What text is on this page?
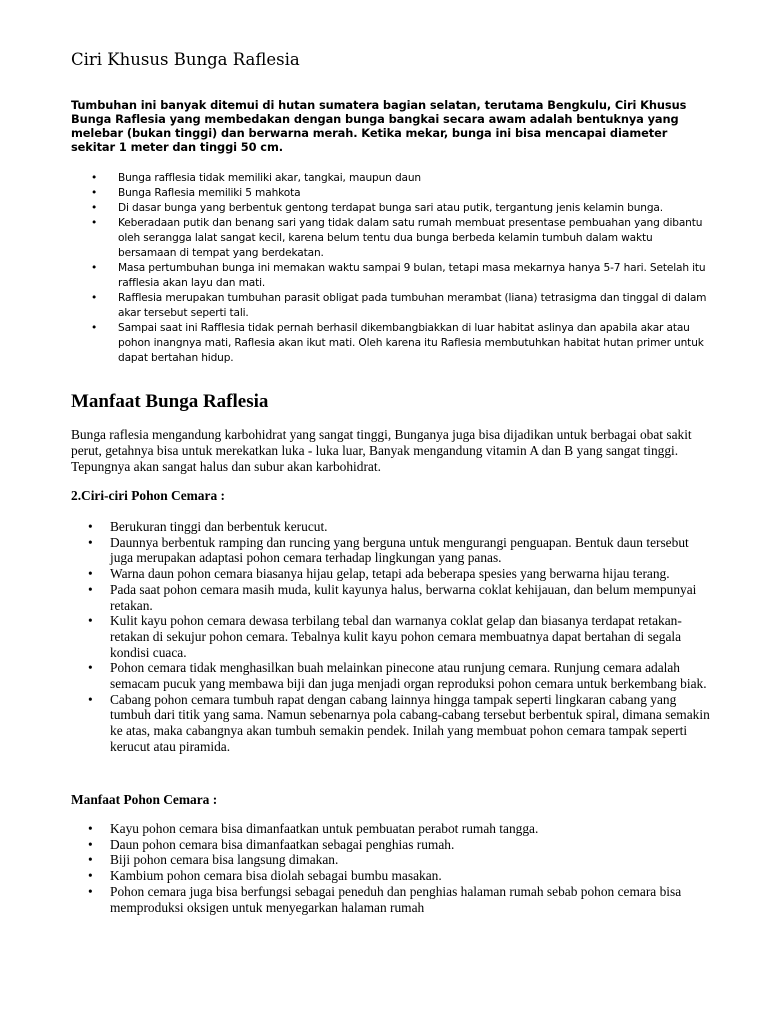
Ciri Khusus Bunga Raflesia

Tumbuhan ini banyak ditemui di hutan sumatera bagian selatan, terutama Bengkulu, Ciri Khusus Bunga Raflesia yang membedakan dengan bunga bangkai secara awam adalah bentuknya yang melebar (bukan tinggi) dan berwarna merah. Ketika mekar, bunga ini bisa mencapai diameter sekitar 1 meter dan tinggi 50 cm.

• Bunga rafflesia tidak memiliki akar, tangkai, maupun daun
• Bunga Raflesia memiliki 5 mahkota
• Di dasar bunga yang berbentuk gentong terdapat bunga sari atau putik, tergantung jenis kelamin bunga.
• Keberadaan putik dan benang sari yang tidak dalam satu rumah membuat presentase pembuahan yang dibantu oleh serangga lalat sangat kecil, karena belum tentu dua bunga berbeda kelamin tumbuh dalam waktu bersamaan di tempat yang berdekatan.
• Masa pertumbuhan bunga ini memakan waktu sampai 9 bulan, tetapi masa mekarnya hanya 5-7 hari. Setelah itu rafflesia akan layu dan mati.
• Rafflesia merupakan tumbuhan parasit obligat pada tumbuhan merambat (liana) tetrasigma dan tinggal di dalam akar tersebut seperti tali.
• Sampai saat ini Rafflesia tidak pernah berhasil dikembangbiakkan di luar habitat aslinya dan apabila akar atau pohon inangnya mati, Raflesia akan ikut mati. Oleh karena itu Raflesia membutuhkan habitat hutan primer untuk dapat bertahan hidup.
Manfaat Bunga Raflesia

Bunga raflesia mengandung karbohidrat yang sangat tinggi, Bunganya juga bisa dijadikan untuk berbagai obat sakit perut, getahnya bisa untuk merekatkan luka - luka luar, Banyak mengandung vitamin A dan B yang sangat tinggi. Tepungnya akan sangat halus dan subur akan karbohidrat.

2.Ciri-ciri Pohon Cemara :

• Berukuran tinggi dan berbentuk kerucut.
• Daunnya berbentuk ramping dan runcing yang berguna untuk mengurangi penguapan. Bentuk daun tersebut juga merupakan adaptasi pohon cemara terhadap lingkungan yang panas.
• Warna daun pohon cemara biasanya hijau gelap, tetapi ada beberapa spesies yang berwarna hijau terang.
• Pada saat pohon cemara masih muda, kulit kayunya halus, berwarna coklat kehijauan, dan belum mempunyai retakan.
• Kulit kayu pohon cemara dewasa terbilang tebal dan warnanya coklat gelap dan biasanya terdapat retakan-retakan di sekujur pohon cemara. Tebalnya kulit kayu pohon cemara membuatnya dapat bertahan di segala kondisi cuaca.
• Pohon cemara tidak menghasilkan buah melainkan pinecone atau runjung cemara. Runjung cemara adalah semacam pucuk yang membawa biji dan juga menjadi organ reproduksi pohon cemara untuk berkembang biak.
• Cabang pohon cemara tumbuh rapat dengan cabang lainnya hingga tampak seperti lingkaran cabang yang tumbuh dari titik yang sama. Namun sebenarnya pola cabang-cabang tersebut berbentuk spiral, dimana semakin ke atas, maka cabangnya akan tumbuh semakin pendek. Inilah yang membuat pohon cemara tampak seperti kerucut atau piramida.

Manfaat Pohon Cemara :

• Kayu pohon cemara bisa dimanfaatkan untuk pembuatan perabot rumah tangga.
• Daun pohon cemara bisa dimanfaatkan sebagai penghias rumah.
• Biji pohon cemara bisa langsung dimakan.
• Kambium pohon cemara bisa diolah sebagai bumbu masakan.
• Pohon cemara juga bisa berfungsi sebagai peneduh dan penghias halaman rumah sebab pohon cemara bisa memproduksi oksigen untuk menyegarkan halaman rumah
